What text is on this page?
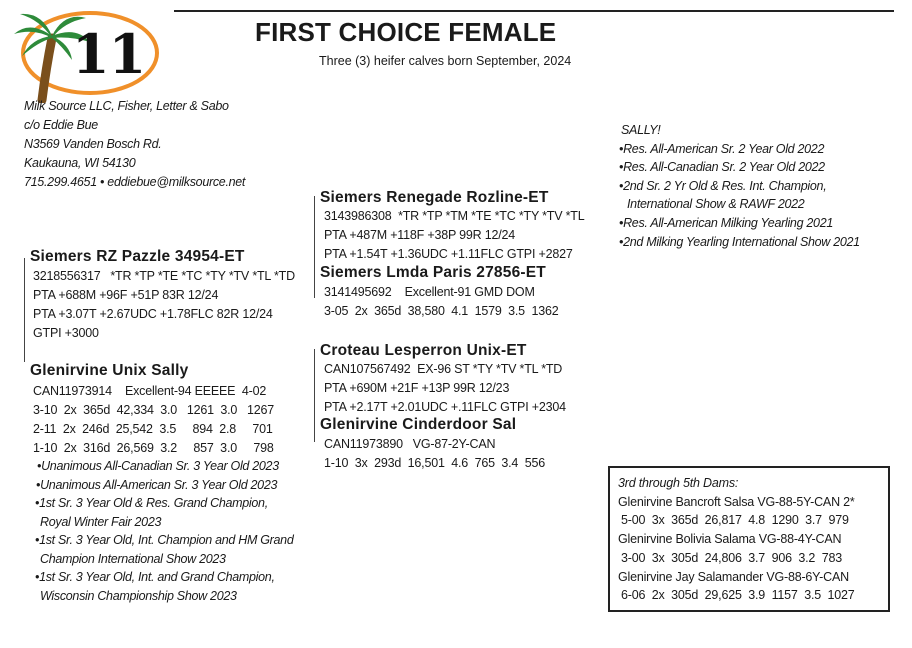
11	FIRST CHOICE FEMALE
Three (3) heifer calves born September, 2024
Milk Source LLC, Fisher, Letter & Sabo
c/o Eddie Bue
N3569 Vanden Bosch Rd.
Kaukauna, WI 54130
715.299.4651 • eddiebue@milksource.net
Siemers RZ Pazzle 34954-ET
3218556317   *TR *TP *TE *TC *TY *TV *TL *TD
PTA +688M +96F +51P 83R 12/24
PTA +3.07T +2.67UDC +1.78FLC 82R 12/24
GTPI +3000
Siemers Renegade Rozline-ET
3143986308  *TR *TP *TM *TE *TC *TY *TV *TL
PTA +487M +118F +38P 99R 12/24
PTA +1.54T +1.36UDC +1.11FLC GTPI +2827
Siemers Lmda Paris 27856-ET
3141495692    Excellent-91 GMD DOM
3-05  2x  365d  38,580  4.1  1579  3.5  1362
Glenirvine Unix Sally
CAN11973914    Excellent-94 EEEEE  4-02
3-10  2x  365d  42,334  3.0   1261  3.0   1267
2-11  2x  246d  25,542  3.5     894  2.8     701
1-10  2x  316d  26,569  3.2     857  3.0     798
•Unanimous All-Canadian Sr. 3 Year Old 2023
•Unanimous All-American Sr. 3 Year Old 2023
•1st Sr. 3 Year Old & Res. Grand Champion,
Royal Winter Fair 2023
•1st Sr. 3 Year Old, Int. Champion and HM Grand
Champion International Show 2023
•1st Sr. 3 Year Old, Int. and Grand Champion,
Wisconsin Championship Show 2023
Croteau Lesperron Unix-ET
CAN107567492  EX-96 ST *TY *TV *TL *TD
PTA +690M +21F +13P 99R 12/23
PTA +2.17T +2.01UDC +.11FLC GTPI +2304
Glenirvine Cinderdoor Sal
CAN11973890   VG-87-2Y-CAN
1-10  3x  293d  16,501  4.6  765  3.4  556
SALLY!
•Res. All-American Sr. 2 Year Old 2022
•Res. All-Canadian Sr. 2 Year Old 2022
•2nd Sr. 2 Yr Old & Res. Int. Champion,
International Show & RAWF 2022
•Res. All-American Milking Yearling 2021
•2nd Milking Yearling International Show 2021
3rd through 5th Dams:
Glenirvine Bancroft Salsa VG-88-5Y-CAN 2*
5-00  3x  365d  26,817  4.8  1290  3.7  979
Glenirvine Bolivia Salama VG-88-4Y-CAN
3-00  3x  305d  24,806  3.7  906  3.2  783
Glenirvine Jay Salamander VG-88-6Y-CAN
6-06  2x  305d  29,625  3.9  1157  3.5  1027
